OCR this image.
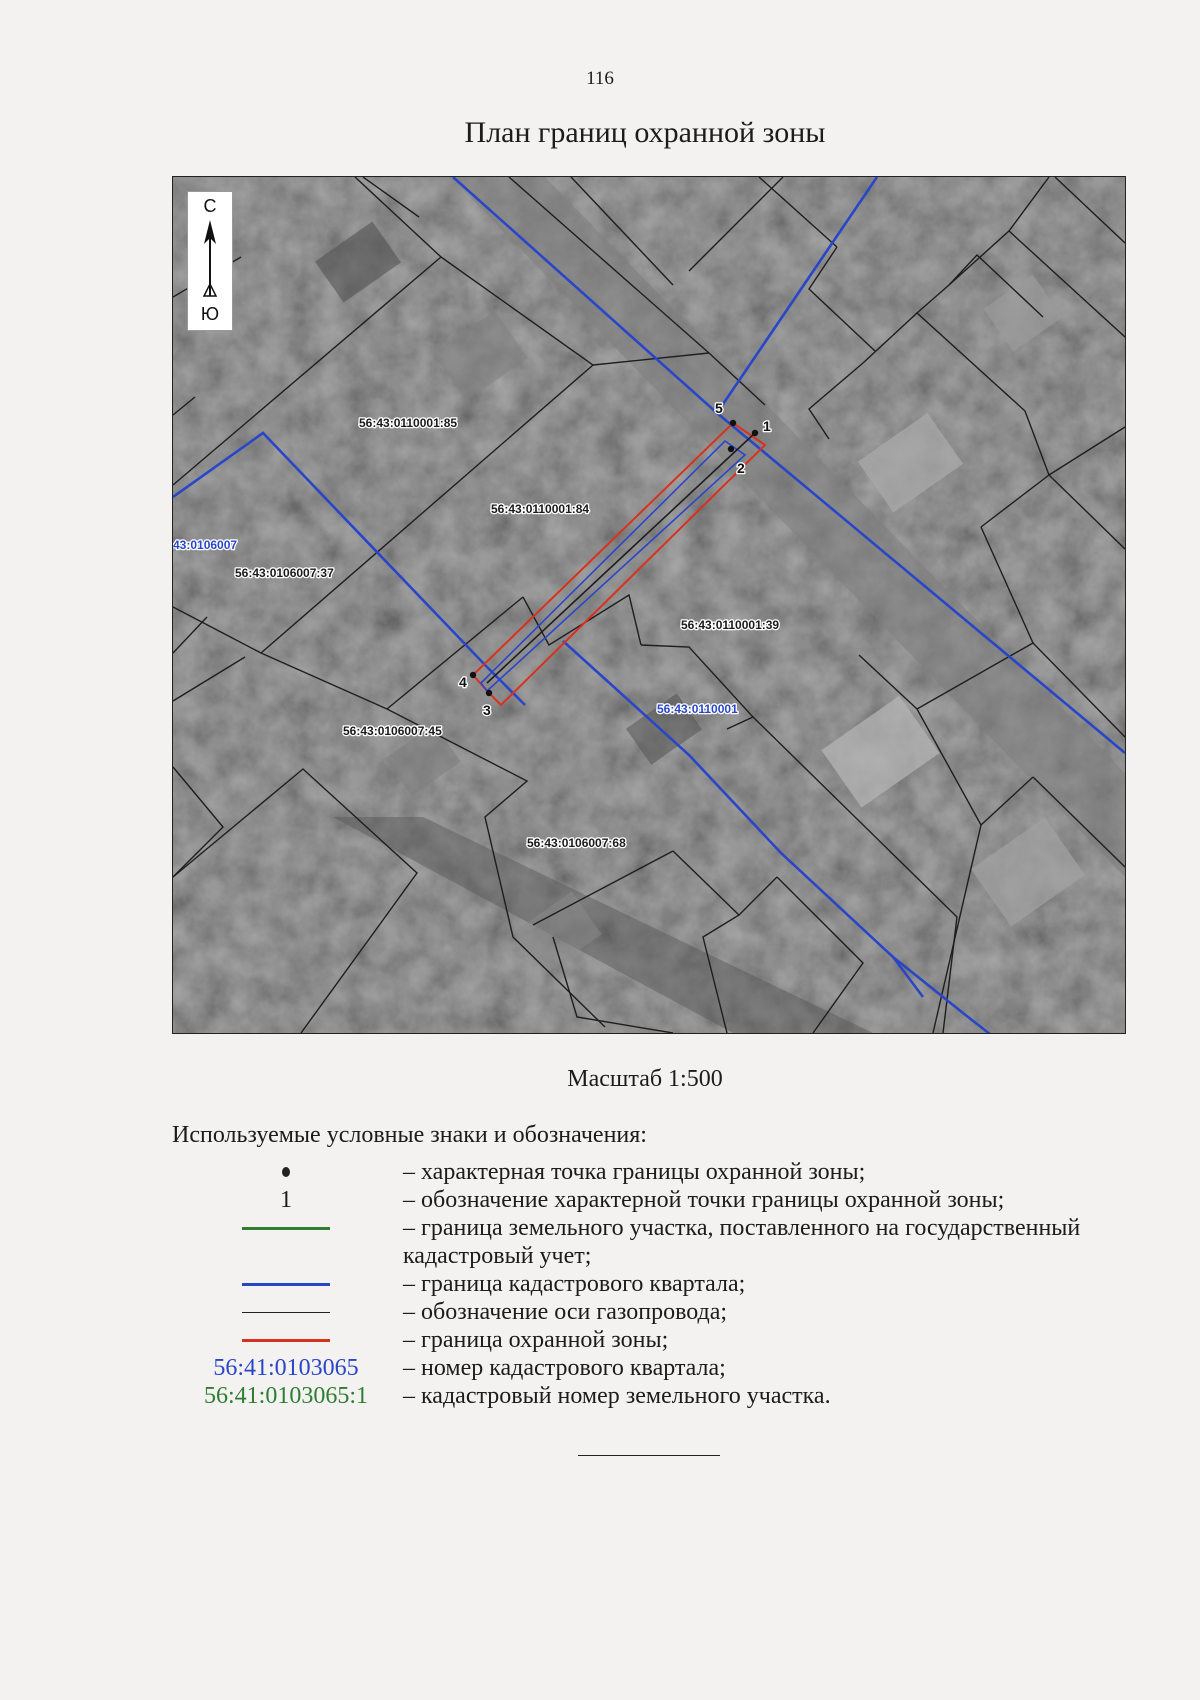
116
План границ охранной зоны
1
2
3
4
5
56:43:0110001:85
56:43:0110001:84
56:43:0106007:37
56:43:0110001:39
56:43:0106007:45
56:43:0106007:68
43:0106007
56:43:0110001
С
Ю
Масштаб 1:500
Используемые условные знаки и обозначения:
– характерная точка границы охранной зоны;
1	– обозначение характерной точки границы охранной зоны;
– граница земельного участка, поставленного на государственный кадастровый учет;
– граница кадастрового квартала;
– обозначение оси газопровода;
– граница охранной зоны;
56:41:0103065 – номер кадастрового квартала;
56:41:0103065:1 – кадастровый номер земельного участка.
